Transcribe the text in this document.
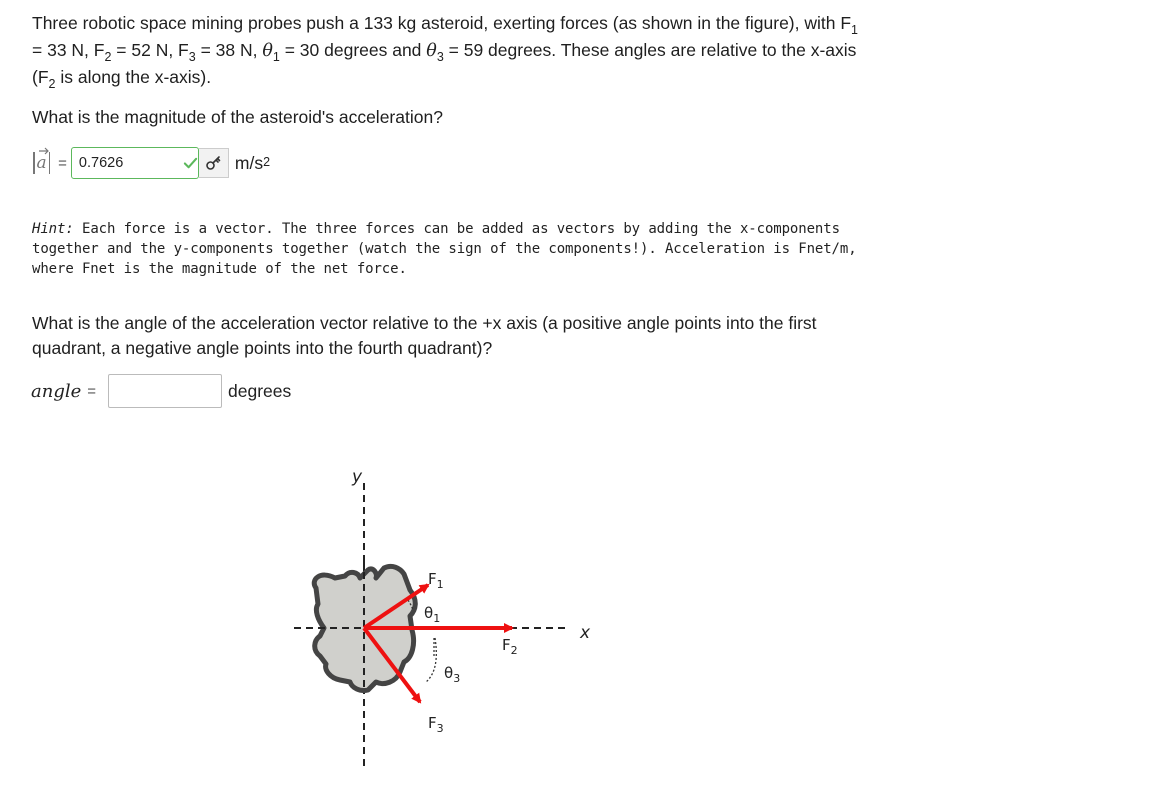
Three robotic space mining probes push a 133 kg asteroid, exerting forces (as shown in the figure), with $F_1 = 33$ N, $F_2 = 52$ N, $F_3 = 38$ N, $\theta_1 = 30$ degrees and $\theta_3 = 59$ degrees. These angles are relative to the x-axis ($F_2$ is along the x-axis).

What is the magnitude of the asteroid's acceleration?

a =
0.7626	$m/s^2$

Hint: Each force is a vector. The three forces can be added as vectors by adding the x-components together and the y-components together (watch the sign of the components!). Acceleration is Fnet/m, where Fnet is the magnitude of the net force.

What is the angle of the acceleration vector relative to the +x axis (a positive angle points into the first quadrant, a negative angle points into the fourth quadrant)?

angle =	degrees
y
x
$F_1$
$F_2$
$F_3$
$\theta_1$
$\theta_3$
